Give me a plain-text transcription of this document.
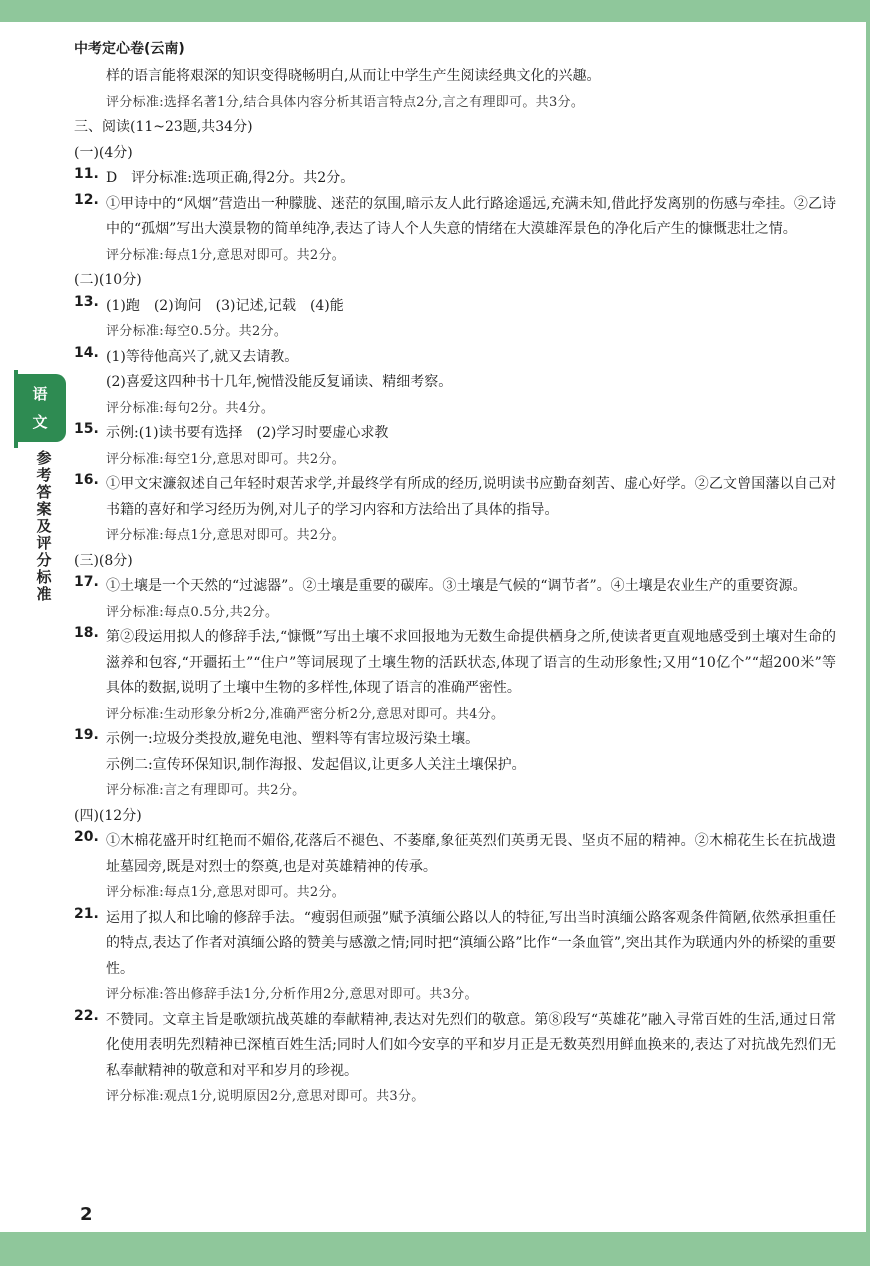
中考定心卷(云南)
语
文
参
考
答
案
及
评
分
标
准
样的语言能将艰深的知识变得晓畅明白,从而让中学生产生阅读经典文化的兴趣。
评分标准:选择名著1分,结合具体内容分析其语言特点2分,言之有理即可。共3分。
三、阅读(11~23题,共34分)
(一)(4分)
11. D　评分标准:选项正确,得2分。共2分。
12. ①甲诗中的“风烟”营造出一种朦胧、迷茫的氛围,暗示友人此行路途遥远,充满未知,借此抒发离别的伤感与牵挂。②乙诗中的“孤烟”写出大漠景物的简单纯净,表达了诗人个人失意的情绪在大漠雄浑景色的净化后产生的慷慨悲壮之情。
评分标准:每点1分,意思对即可。共2分。
(二)(10分)
13. (1)跑　(2)询问　(3)记述,记载　(4)能
评分标准:每空0.5分。共2分。
14. (1)等待他高兴了,就又去请教。
(2)喜爱这四种书十几年,惋惜没能反复诵读、精细考察。
评分标准:每句2分。共4分。
15. 示例:(1)读书要有选择　(2)学习时要虚心求教
评分标准:每空1分,意思对即可。共2分。
16. ①甲文宋濂叙述自己年轻时艰苦求学,并最终学有所成的经历,说明读书应勤奋刻苦、虚心好学。②乙文曾国藩以自己对书籍的喜好和学习经历为例,对儿子的学习内容和方法给出了具体的指导。
评分标准:每点1分,意思对即可。共2分。
(三)(8分)
17. ①土壤是一个天然的“过滤器”。②土壤是重要的碳库。③土壤是气候的“调节者”。④土壤是农业生产的重要资源。
评分标准:每点0.5分,共2分。
18. 第②段运用拟人的修辞手法,“慷慨”写出土壤不求回报地为无数生命提供栖身之所,使读者更直观地感受到土壤对生命的滋养和包容,“开疆拓土”“住户”等词展现了土壤生物的活跃状态,体现了语言的生动形象性;又用“10亿个”“超200米”等具体的数据,说明了土壤中生物的多样性,体现了语言的准确严密性。
评分标准:生动形象分析2分,准确严密分析2分,意思对即可。共4分。
19. 示例一:垃圾分类投放,避免电池、塑料等有害垃圾污染土壤。
示例二:宣传环保知识,制作海报、发起倡议,让更多人关注土壤保护。
评分标准:言之有理即可。共2分。
(四)(12分)
20. ①木棉花盛开时红艳而不媚俗,花落后不褪色、不萎靡,象征英烈们英勇无畏、坚贞不屈的精神。②木棉花生长在抗战遗址墓园旁,既是对烈士的祭奠,也是对英雄精神的传承。
评分标准:每点1分,意思对即可。共2分。
21. 运用了拟人和比喻的修辞手法。“瘦弱但顽强”赋予滇缅公路以人的特征,写出当时滇缅公路客观条件简陋,依然承担重任的特点,表达了作者对滇缅公路的赞美与感激之情;同时把“滇缅公路”比作“一条血管”,突出其作为联通内外的桥梁的重要性。
评分标准:答出修辞手法1分,分析作用2分,意思对即可。共3分。
22. 不赞同。文章主旨是歌颂抗战英雄的奉献精神,表达对先烈们的敬意。第⑧段写“英雄花”融入寻常百姓的生活,通过日常化使用表明先烈精神已深植百姓生活;同时人们如今安享的平和岁月正是无数英烈用鲜血换来的,表达了对抗战先烈们无私奉献精神的敬意和对平和岁月的珍视。
评分标准:观点1分,说明原因2分,意思对即可。共3分。
2
